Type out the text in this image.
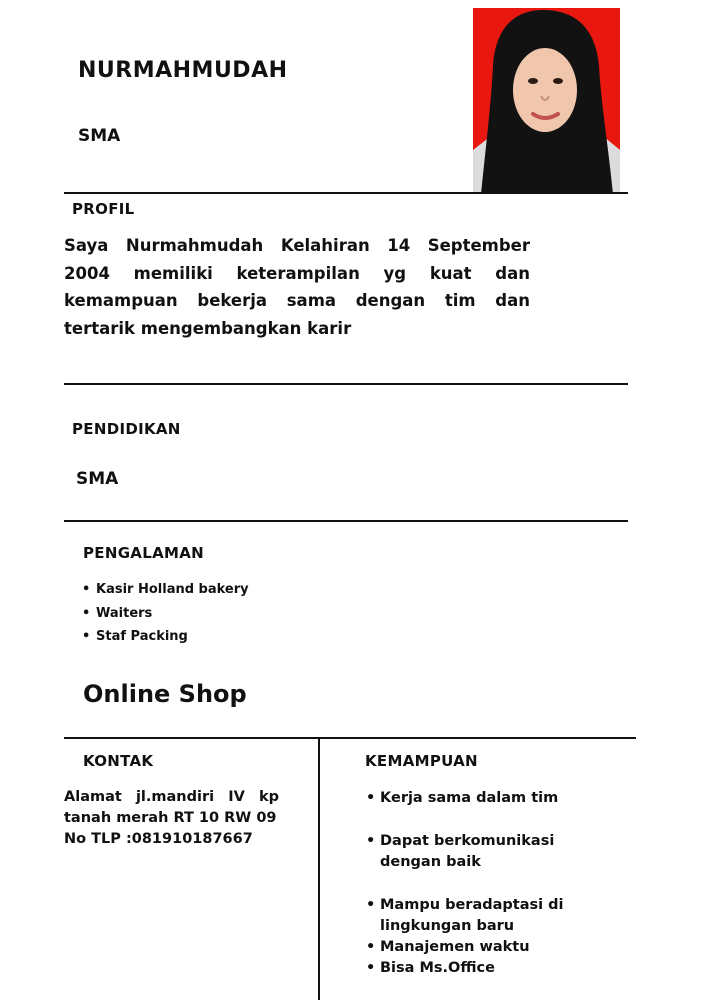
NURMAHMUDAH
SMA
PROFIL
Saya Nurmahmudah Kelahiran 14 September 2004 memiliki keterampilan yg kuat dan kemampuan bekerja sama dengan tim dan tertarik mengembangkan karir
PENDIDIKAN
SMA
PENGALAMAN
• Kasir Holland bakery
• Waiters
• Staf Packing
Online Shop
KONTAK
Alamat jl.mandiri IV kp tanah merah RT 10 RW 09
No TLP :081910187667
KEMAMPUAN
• Kerja sama dalam tim
• Dapat berkomunikasi dengan baik
• Mampu beradaptasi di lingkungan baru
• Manajemen waktu
• Bisa Ms.Office
